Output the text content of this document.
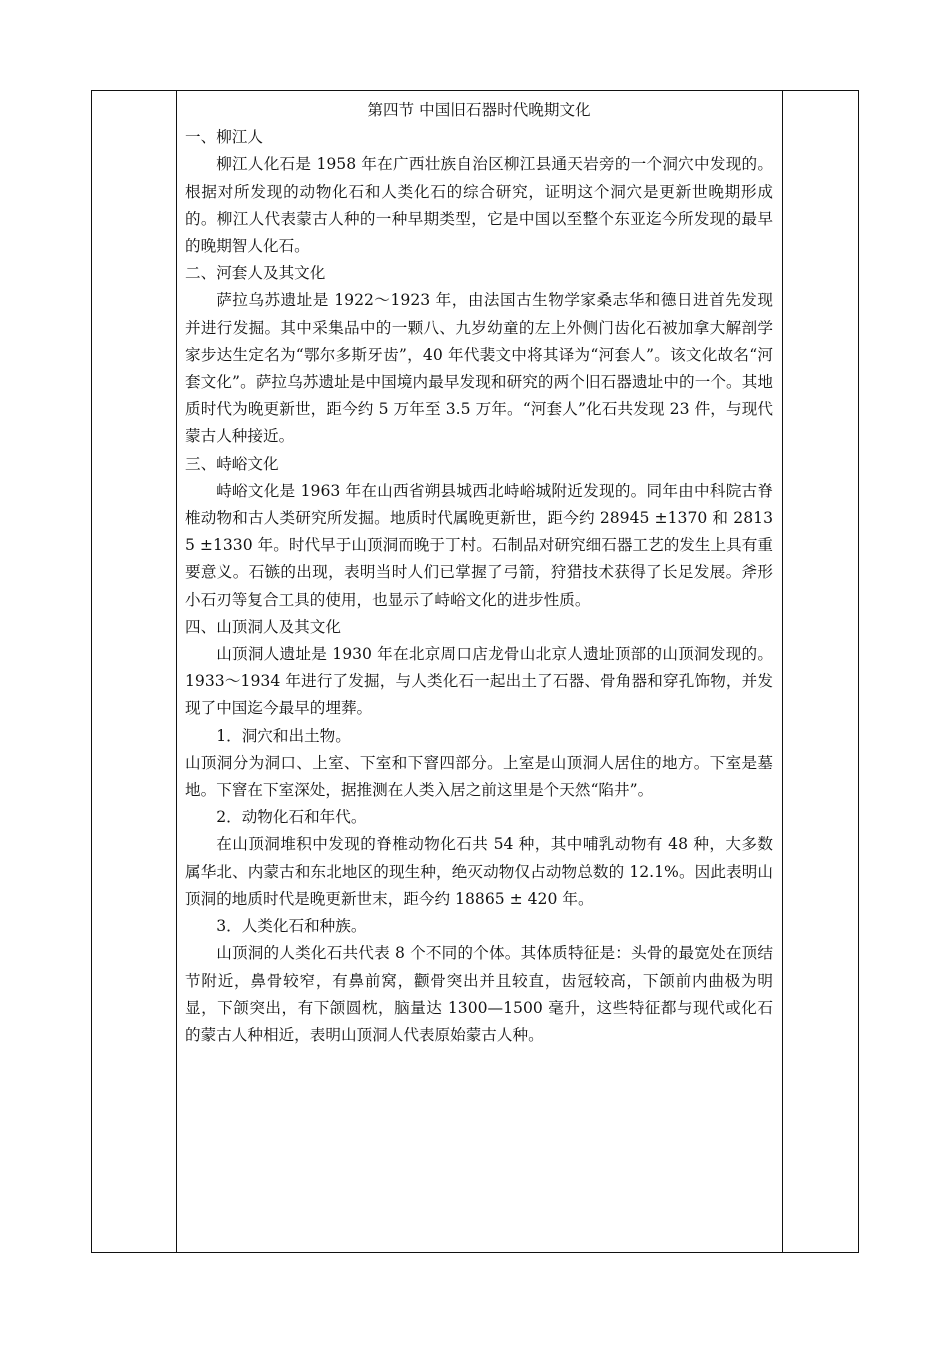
第四节 中国旧石器时代晚期文化

一、柳江人

柳江人化石是 1958 年在广西壮族自治区柳江县通天岩旁的一个洞穴中发现的。根据对所发现的动物化石和人类化石的综合研究，证明这个洞穴是更新世晚期形成的。柳江人代表蒙古人种的一种早期类型，它是中国以至整个东亚迄今所发现的最早的晚期智人化石。

二、河套人及其文化

萨拉乌苏遗址是 1922～1923 年，由法国古生物学家桑志华和德日进首先发现并进行发掘。其中采集品中的一颗八、九岁幼童的左上外侧门齿化石被加拿大解剖学家步达生定名为“鄂尔多斯牙齿”，40 年代裴文中将其译为“河套人”。该文化故名“河套文化”。萨拉乌苏遗址是中国境内最早发现和研究的两个旧石器遗址中的一个。其地质时代为晚更新世，距今约 5 万年至 3.5 万年。“河套人”化石共发现 23 件，与现代蒙古人种接近。

三、峙峪文化

峙峪文化是 1963 年在山西省朔县城西北峙峪城附近发现的。同年由中科院古脊椎动物和古人类研究所发掘。地质时代属晚更新世，距今约 28945 ±1370 和 28135 ±1330 年。时代早于山顶洞而晚于丁村。石制品对研究细石器工艺的发生上具有重要意义。石镞的出现，表明当时人们已掌握了弓箭，狩猎技术获得了长足发展。斧形小石刃等复合工具的使用，也显示了峙峪文化的进步性质。

四、山顶洞人及其文化

山顶洞人遗址是 1930 年在北京周口店龙骨山北京人遗址顶部的山顶洞发现的。1933～1934 年进行了发掘，与人类化石一起出土了石器、骨角器和穿孔饰物，并发现了中国迄今最早的埋葬。

1．洞穴和出土物。

山顶洞分为洞口、上室、下室和下窨四部分。上室是山顶洞人居住的地方。下室是墓地。下窨在下室深处，据推测在人类入居之前这里是个天然“陷井”。

2．动物化石和年代。

在山顶洞堆积中发现的脊椎动物化石共 54 种，其中哺乳动物有 48 种，大多数属华北、内蒙古和东北地区的现生种，绝灭动物仅占动物总数的 12.1%。因此表明山顶洞的地质时代是晚更新世末，距今约 18865 ± 420 年。

3．人类化石和种族。

山顶洞的人类化石共代表 8 个不同的个体。其体质特征是：头骨的最宽处在顶结节附近，鼻骨较窄，有鼻前窝，颧骨突出并且较直，齿冠较高，下颌前内曲极为明显，下颌突出，有下颌圆枕，脑量达 1300—1500 毫升，这些特征都与现代或化石的蒙古人种相近，表明山顶洞人代表原始蒙古人种。
